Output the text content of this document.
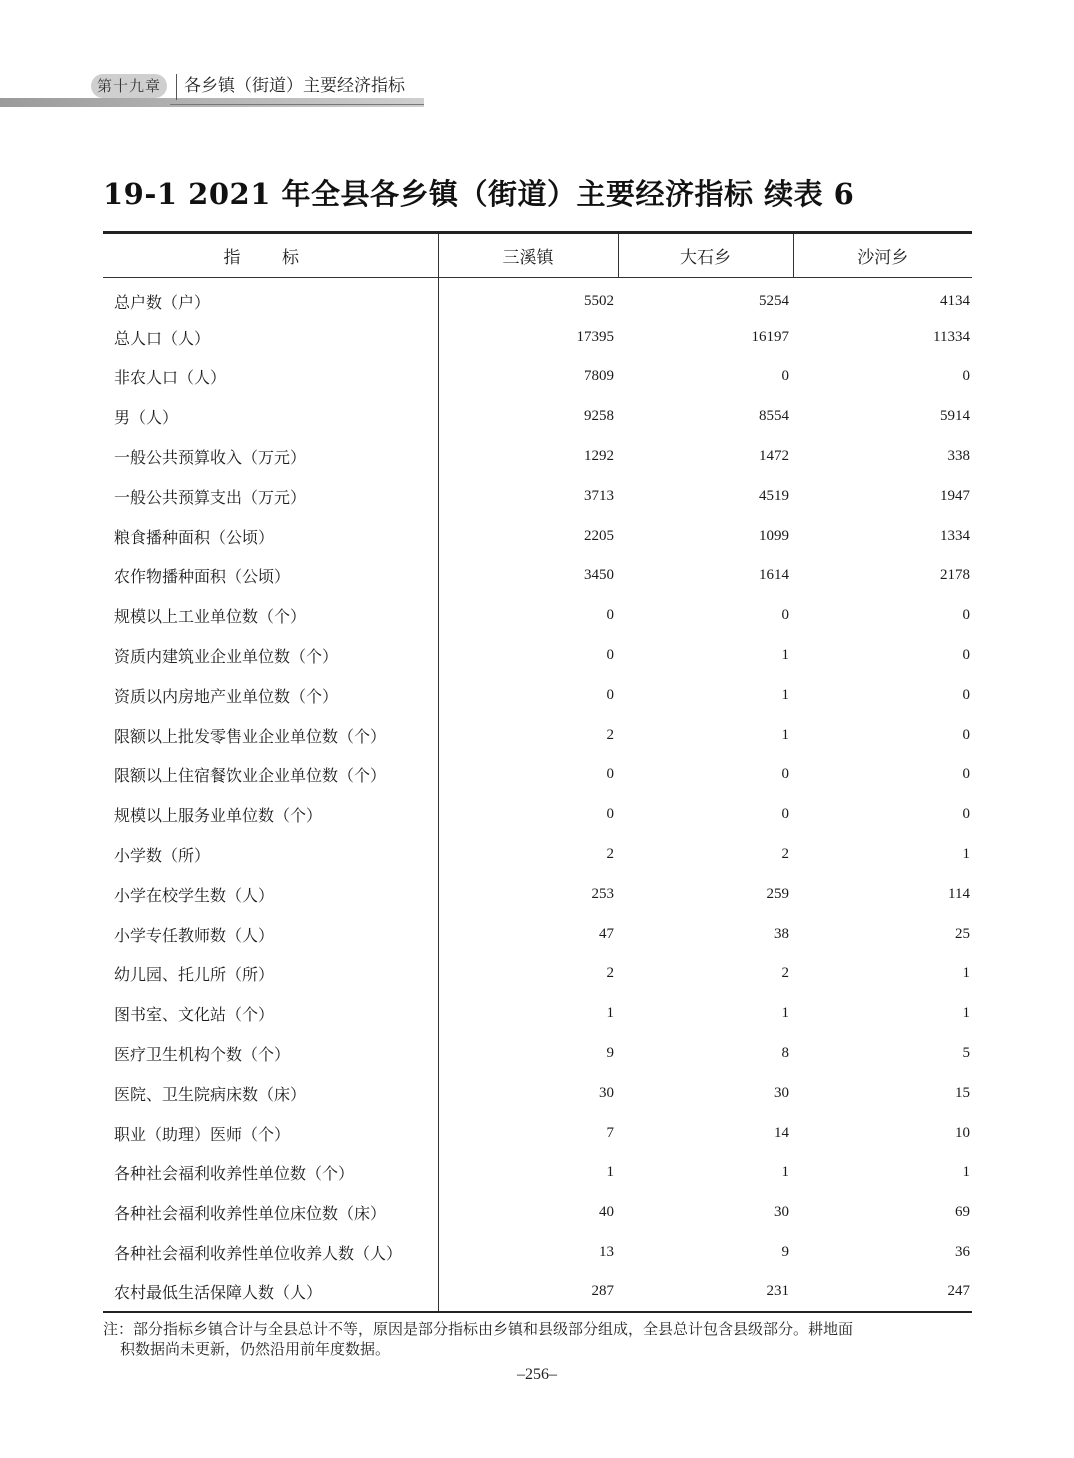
第十九章	各乡镇（街道）主要经济指标
19-1 2021 年全县各乡镇（街道）主要经济指标 续表 6
指 标	三溪镇	大石乡	沙河乡
总户数（户）	5502	5254	4134
总人口（人）	17395	16197	11334
非农人口（人）	7809	0	0
男（人）	9258	8554	5914
一般公共预算收入（万元）	1292	1472	338
一般公共预算支出（万元）	3713	4519	1947
粮食播种面积（公顷）	2205	1099	1334
农作物播种面积（公顷）	3450	1614	2178
规模以上工业单位数（个）	0	0	0
资质内建筑业企业单位数（个）	0	1	0
资质以内房地产业单位数（个）	0	1	0
限额以上批发零售业企业单位数（个）	2	1	0
限额以上住宿餐饮业企业单位数（个）	0	0	0
规模以上服务业单位数（个）	0	0	0
小学数（所）	2	2	1
小学在校学生数（人）	253	259	114
小学专任教师数（人）	47	38	25
幼儿园、托儿所（所）	2	2	1
图书室、文化站（个）	1	1	1
医疗卫生机构个数（个）	9	8	5
医院、卫生院病床数（床）	30	30	15
职业（助理）医师（个）	7	14	10
各种社会福利收养性单位数（个）	1	1	1
各种社会福利收养性单位床位数（床）	40	30	69
各种社会福利收养性单位收养人数（人）	13	9	36
农村最低生活保障人数（人）	287	231	247
注：部分指标乡镇合计与全县总计不等，原因是部分指标由乡镇和县级部分组成，全县总计包含县级部分。耕地面
积数据尚未更新，仍然沿用前年度数据。
–256–
